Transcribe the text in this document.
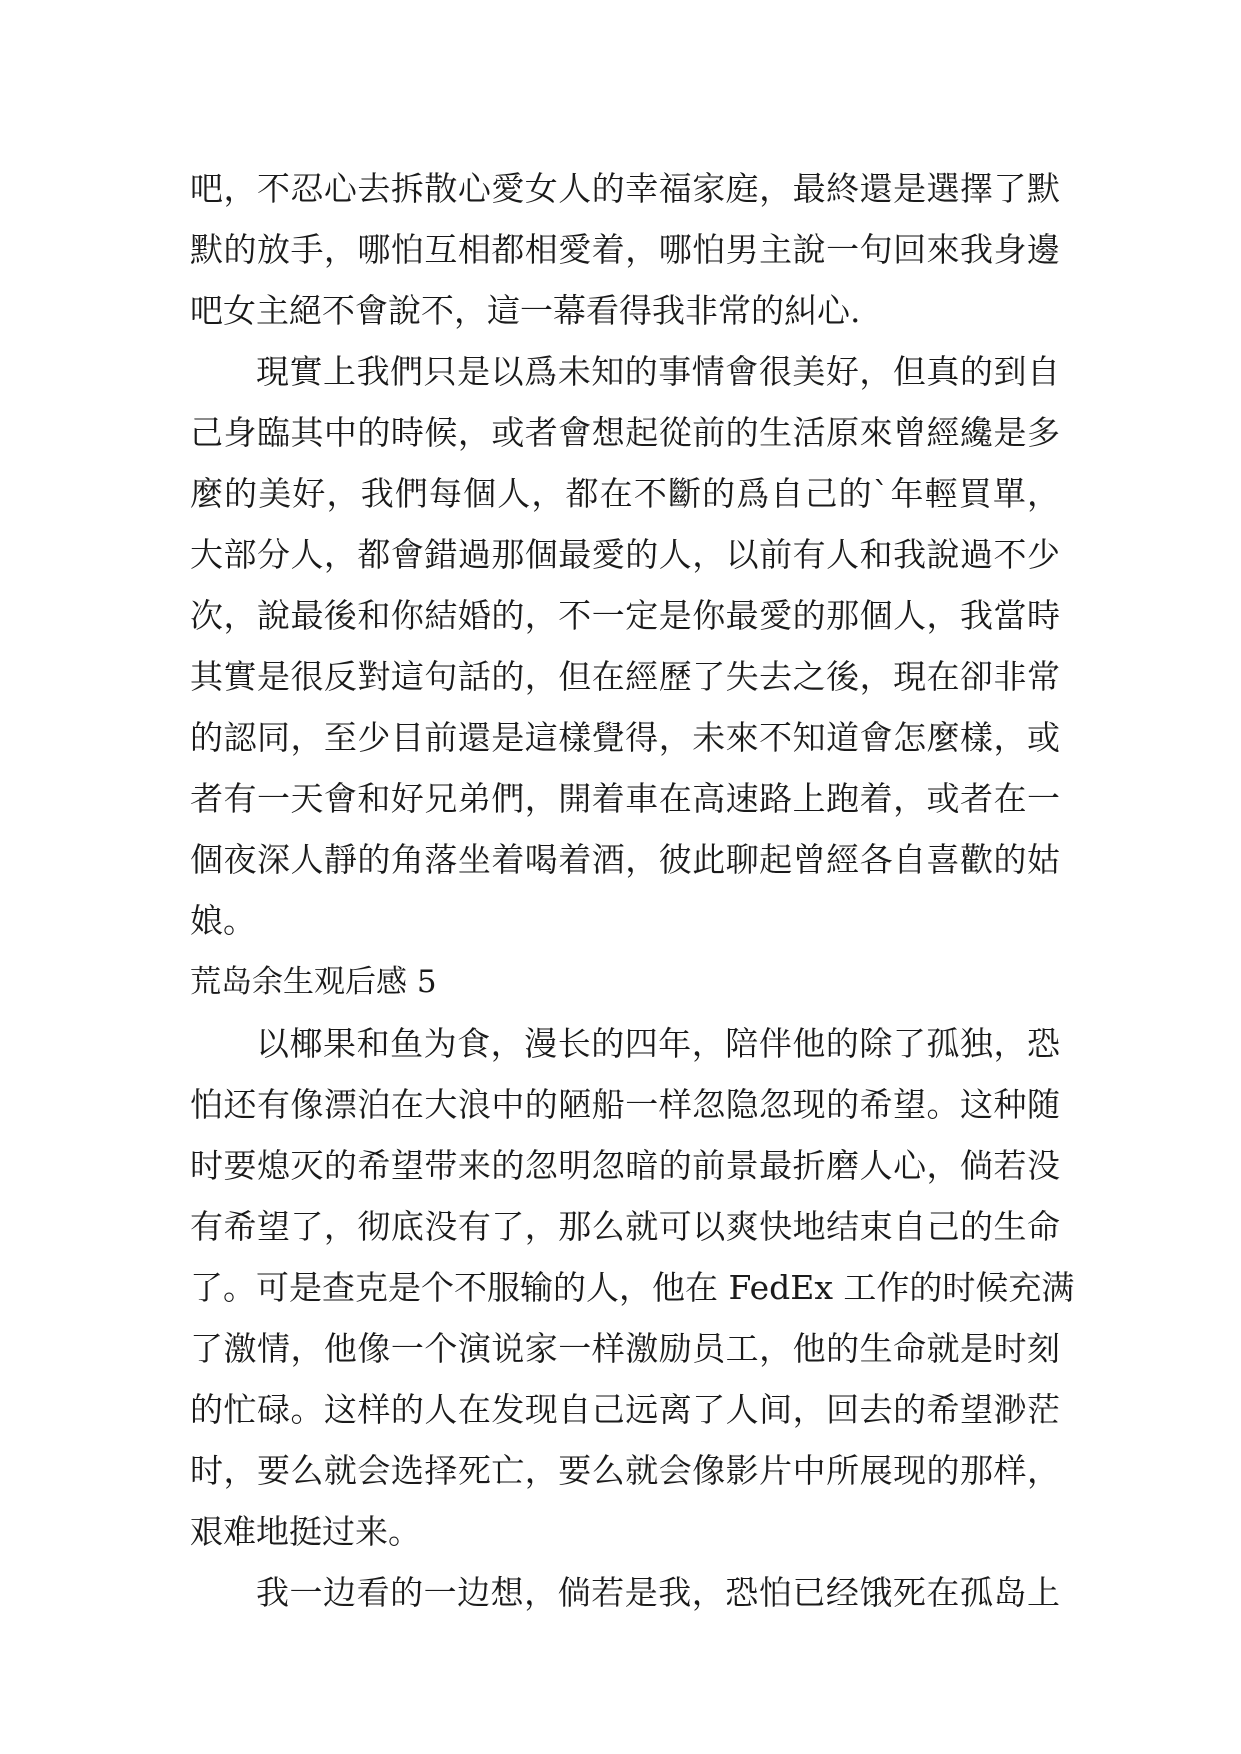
吧，不忍心去拆散心愛女人的幸福家庭，最終還是選擇了默
默的放手，哪怕互相都相愛着，哪怕男主說一句回來我身邊
吧女主絕不會說不，這一幕看得我非常的糾心.
現實上我們只是以爲未知的事情會很美好，但真的到自
己身臨其中的時候，或者會想起從前的生活原來曾經纔是多
麼的美好，我們每個人，都在不斷的爲自己的`年輕買單，
大部分人，都會錯過那個最愛的人，以前有人和我說過不少
次，說最後和你結婚的，不一定是你最愛的那個人，我當時
其實是很反對這句話的，但在經歷了失去之後，現在卻非常
的認同，至少目前還是這樣覺得，未來不知道會怎麼樣，或
者有一天會和好兄弟們，開着車在高速路上跑着，或者在一
個夜深人靜的角落坐着喝着酒，彼此聊起曾經各自喜歡的姑
娘。
荒岛余生观后感 5
以椰果和鱼为食，漫长的四年，陪伴他的除了孤独，恐
怕还有像漂泊在大浪中的陋船一样忽隐忽现的希望。这种随
时要熄灭的希望带来的忽明忽暗的前景最折磨人心，倘若没
有希望了，彻底没有了，那么就可以爽快地结束自己的生命
了。可是查克是个不服输的人，他在 FedEx 工作的时候充满
了激情，他像一个演说家一样激励员工，他的生命就是时刻
的忙碌。这样的人在发现自己远离了人间，回去的希望渺茫
时，要么就会选择死亡，要么就会像影片中所展现的那样，
艰难地挺过来。
我一边看的一边想，倘若是我，恐怕已经饿死在孤岛上
